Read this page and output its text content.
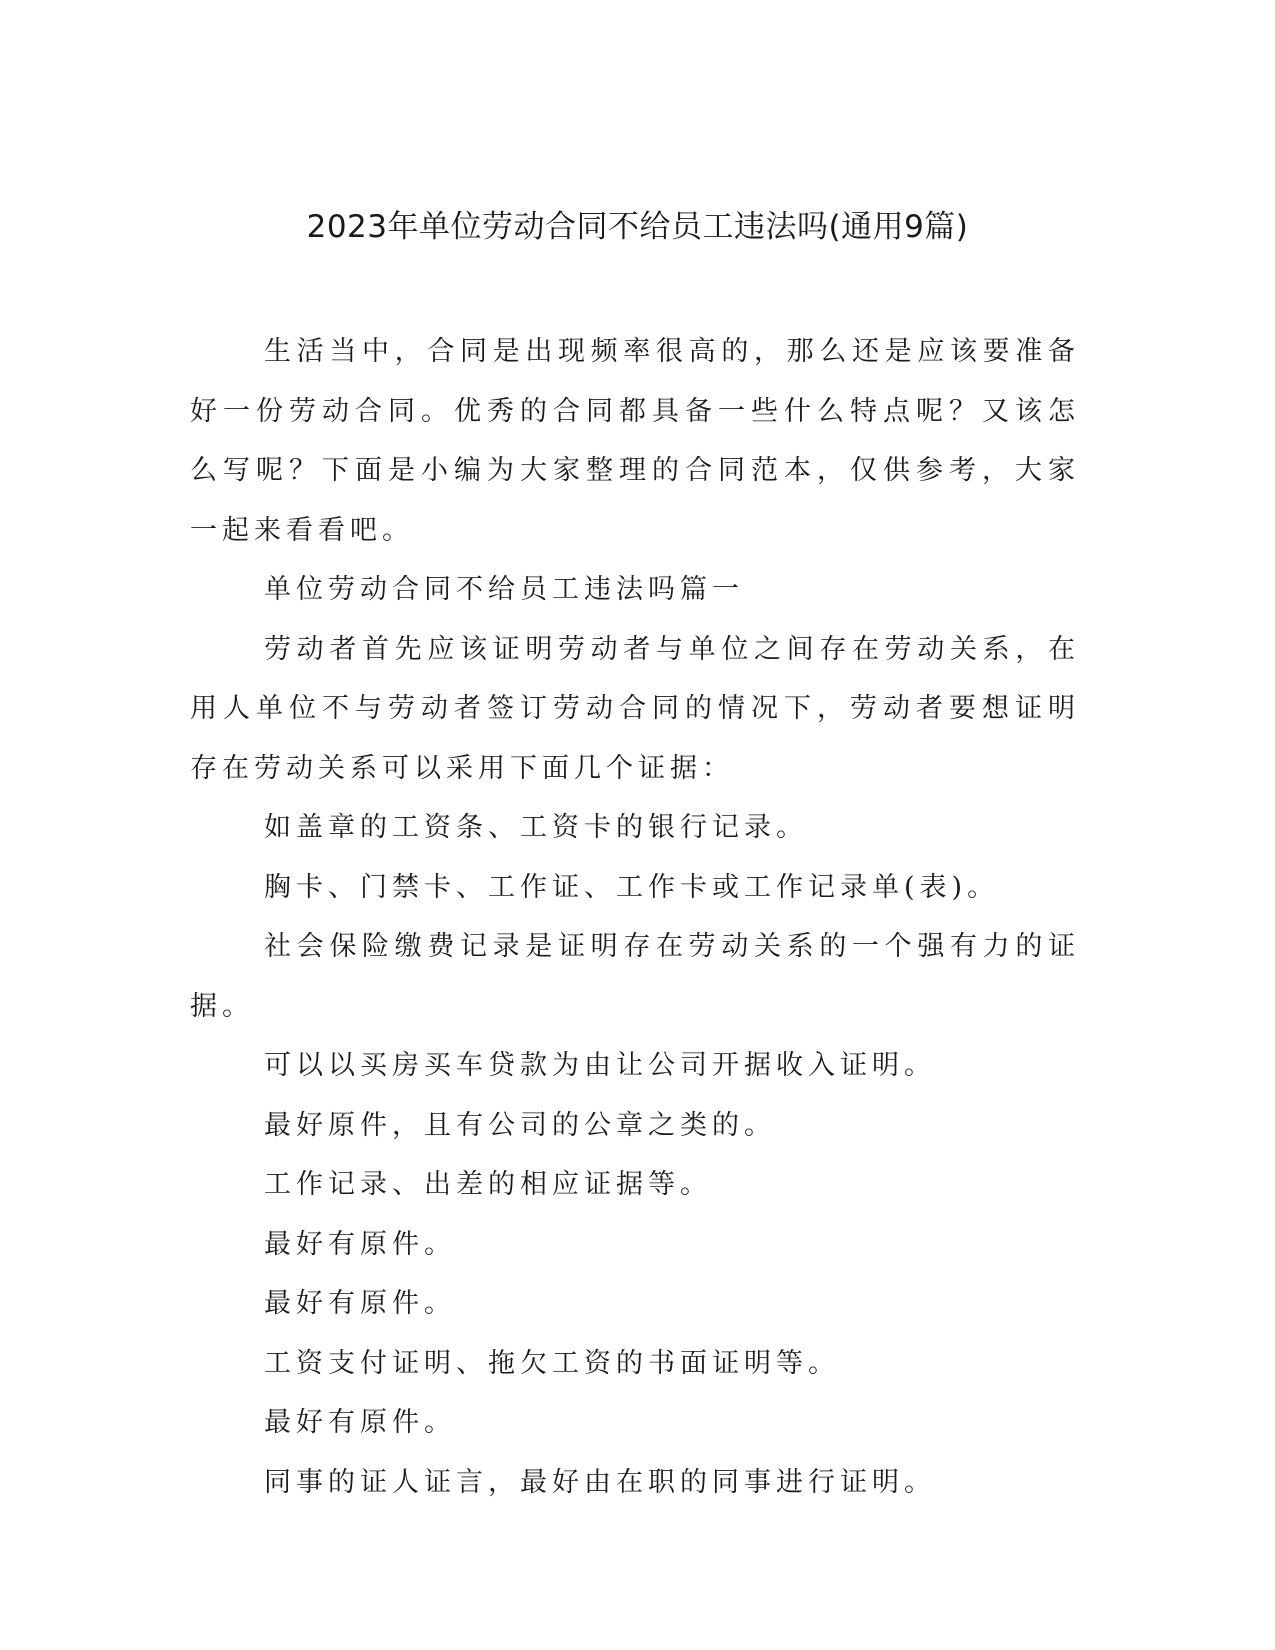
2023年单位劳动合同不给员工违法吗(通用9篇)

生活当中，合同是出现频率很高的，那么还是应该要准备好一份劳动合同。优秀的合同都具备一些什么特点呢？又该怎么写呢？下面是小编为大家整理的合同范本，仅供参考，大家一起来看看吧。

单位劳动合同不给员工违法吗篇一

劳动者首先应该证明劳动者与单位之间存在劳动关系，在用人单位不与劳动者签订劳动合同的情况下，劳动者要想证明存在劳动关系可以采用下面几个证据：

如盖章的工资条、工资卡的银行记录。

胸卡、门禁卡、工作证、工作卡或工作记录单(表)。

社会保险缴费记录是证明存在劳动关系的一个强有力的证据。

可以以买房买车贷款为由让公司开据收入证明。

最好原件，且有公司的公章之类的。

工作记录、出差的相应证据等。

最好有原件。

最好有原件。

工资支付证明、拖欠工资的书面证明等。

最好有原件。

同事的证人证言，最好由在职的同事进行证明。
